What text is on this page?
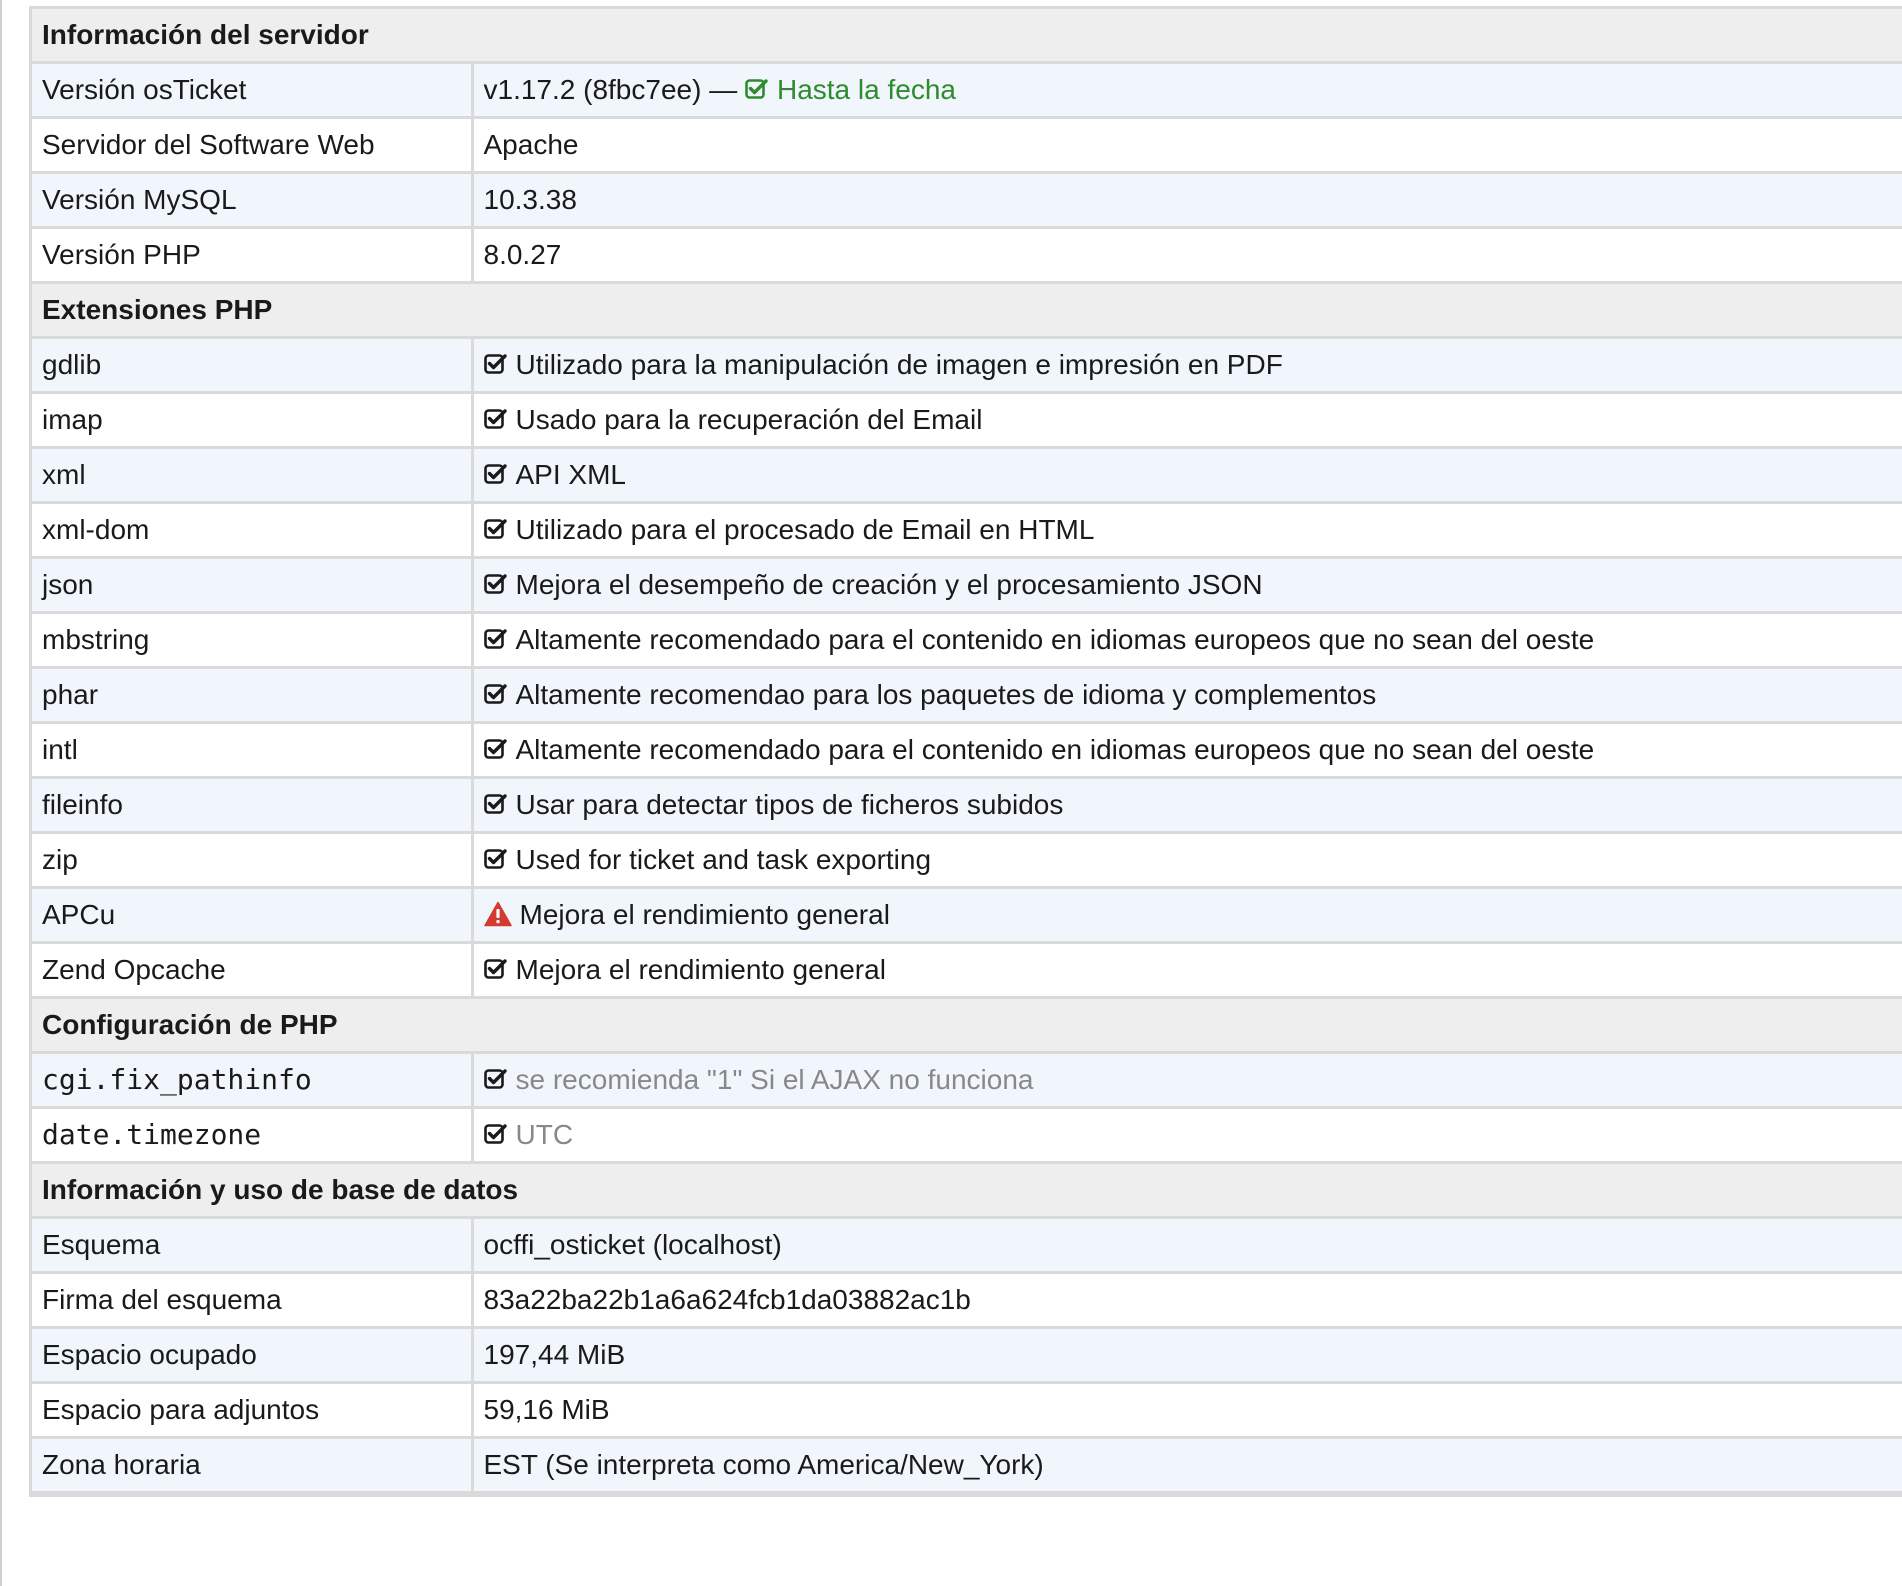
Información del servidor	
Versión osTicket	v1.17.2 (8fbc7ee) —
Hasta la fecha
Servidor del Software Web	Apache
Versión MySQL	10.3.38
Versión PHP	8.0.27
Extensiones PHP	
gdlib	Utilizado para la manipulación de imagen e impresión en PDF
imap	Usado para la recuperación del Email
xml	API XML
xml-dom	Utilizado para el procesado de Email en HTML
json	Mejora el desempeño de creación y el procesamiento JSON
mbstring	Altamente recomendado para el contenido en idiomas europeos que no sean del oeste
phar	Altamente recomendao para los paquetes de idioma y complementos
intl	Altamente recomendado para el contenido en idiomas europeos que no sean del oeste
fileinfo	Usar para detectar tipos de ficheros subidos
zip	Used for ticket and task exporting
APCu	Mejora el rendimiento general
Zend Opcache	Mejora el rendimiento general
Configuración de PHP	
cgi.fix_pathinfo	se recomienda "1" Si el AJAX no funciona
date.timezone	UTC
Información y uso de base de datos	
Esquema	ocffi_osticket (localhost)
Firma del esquema	83a22ba22b1a6a624fcb1da03882ac1b
Espacio ocupado	197,44 MiB
Espacio para adjuntos	59,16 MiB
Zona horaria	EST (Se interpreta como America/New_York)
